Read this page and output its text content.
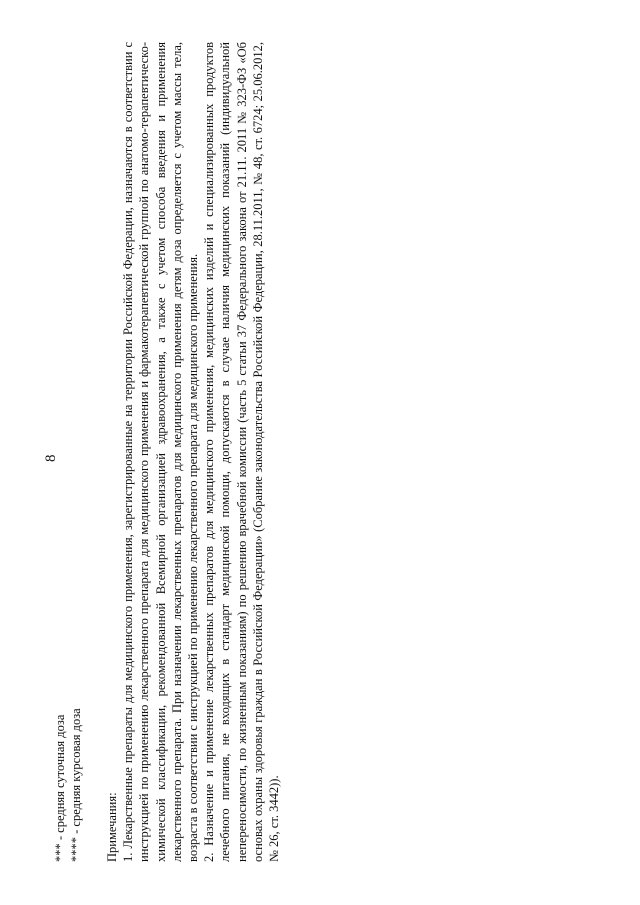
8
*** - средняя суточная доза **** - средняя курсовая доза Примечания: 1. Лекарственные препараты для медицинского применения, зарегистрированные на территории Российской Федерации, назначаются в соответствии с инструкцией по применению лекарственного препарата для медицинского применения и фармакотерапевтической группой по анатомо-терапевтическо-химической классификации, рекомендованной Всемирной организацией здравоохранения, а также с учетом способа введения и применения лекарственного препарата. При назначении лекарственных препаратов для медицинского применения детям доза определяется с учетом массы тела, возраста в соответствии с инструкцией по применению лекарственного препарата для медицинского применения. 2. Назначение и применение лекарственных препаратов для медицинского применения, медицинских изделий и специализированных продуктов лечебного питания, не входящих в стандарт медицинской помощи, допускаются в случае наличия медицинских показаний (индивидуальной непереносимости, по жизненным показаниям) по решению врачебной комиссии (часть 5 статьи 37 Федерального закона от 21.11. 2011 № 323-ФЗ «Об основах охраны здоровья граждан в Российской Федерации» (Собрание законодательства Российской Федерации, 28.11.2011, № 48, ст. 6724; 25.06.2012, № 26, ст. 3442)).
